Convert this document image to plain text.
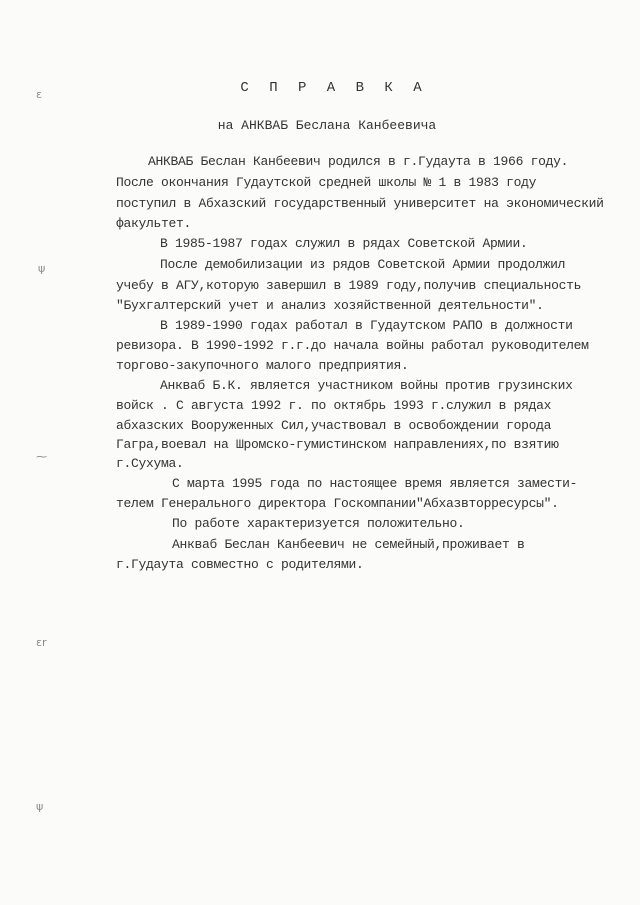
С П Р А В К А
на АНКВАБ Беслана Канбеевича
АНКВАБ Беслан Канбеевич родился в г.Гудаута в 1966 году.
После окончания Гудаутской средней школы № 1 в 1983 году
поступил в Абхазский государственный университет на экономический
факультет.
В 1985-1987 годах служил в рядах Советской Армии.
После демобилизации из рядов Советской Армии продолжил
учебу в АГУ,которую завершил в 1989 году,получив специальность
"Бухгалтерский учет и анализ хозяйственной деятельности".
В 1989-1990 годах работал в Гудаутском РАПО в должности
ревизора. В 1990-1992 г.г.до начала войны работал руководителем
торгово-закупочного малого предприятия.
Анкваб Б.К. является участником войны против грузинских
войск . С августа 1992 г. по октябрь 1993 г.служил в рядах
абхазских Вооруженных Сил,участвовал в освобождении города
Гагра,воевал на Шромско-гумистинском направлениях,по взятию
г.Сухума.
С марта 1995 года по настоящее время является замести-
телем Генерального директора Госкомпании"Абхазвторресурсы".
По работе характеризуется положительно.
Анкваб Беслан Канбеевич не семейный,проживает в
г.Гудаута совместно с родителями.
ε
ψ
⁓
εr
ψ
